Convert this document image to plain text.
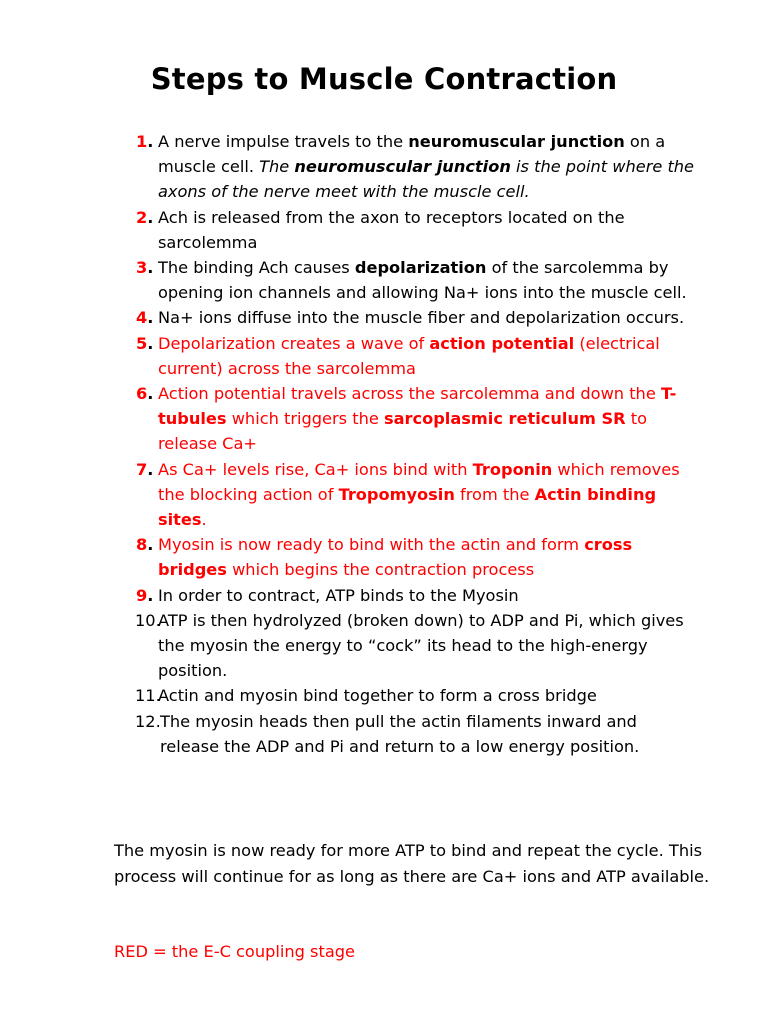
Steps to Muscle Contraction
1. A nerve impulse travels to the neuromuscular junction on a muscle cell. The neuromuscular junction is the point where the axons of the nerve meet with the muscle cell.
2. Ach is released from the axon to receptors located on the sarcolemma
3. The binding Ach causes depolarization of the sarcolemma by opening ion channels and allowing Na+ ions into the muscle cell.
4. Na+ ions diffuse into the muscle fiber and depolarization occurs.
5. Depolarization creates a wave of action potential (electrical current) across the sarcolemma
6. Action potential travels across the sarcolemma and down the T-tubules which triggers the sarcoplasmic reticulum SR to release Ca+
7. As Ca+ levels rise, Ca+ ions bind with Troponin which removes the blocking action of Tropomyosin from the Actin binding sites.
8. Myosin is now ready to bind with the actin and form cross bridges which begins the contraction process
9. In order to contract, ATP binds to the Myosin
10.
ATP is then hydrolyzed (broken down) to ADP and Pi, which gives the myosin the energy to “cock” its head to the high-energy position.
11.
Actin and myosin bind together to form a cross bridge
12. The myosin heads then pull the actin filaments inward and release the ADP and Pi and return to a low energy position.
The myosin is now ready for more ATP to bind and repeat the cycle. This process will continue for as long as there are Ca+ ions and ATP available.
RED = the E-C coupling stage
